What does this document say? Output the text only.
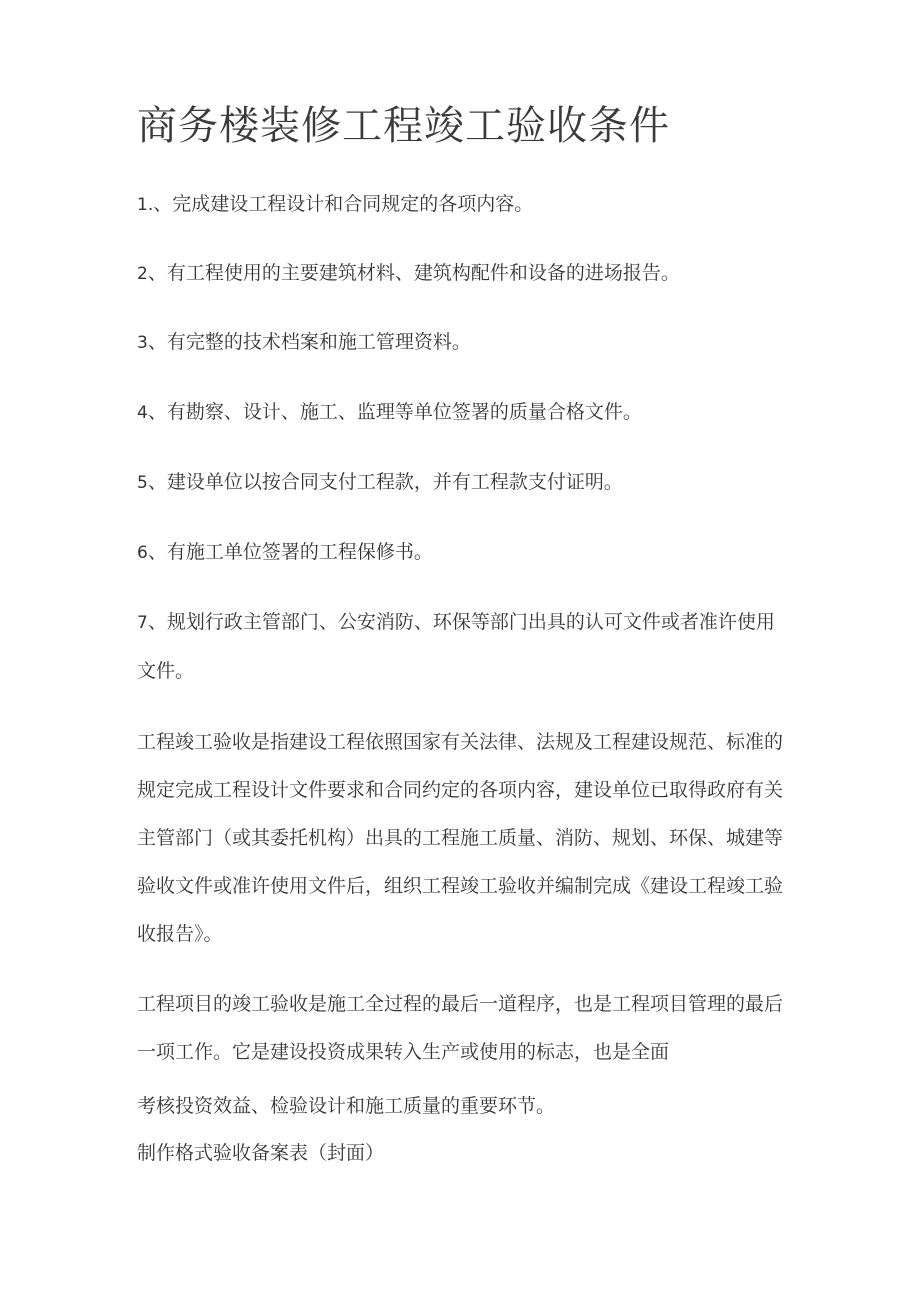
商务楼装修工程竣工验收条件

1.、完成建设工程设计和合同规定的各项内容。

2、有工程使用的主要建筑材料、建筑构配件和设备的进场报告。

3、有完整的技术档案和施工管理资料。

4、有勘察、设计、施工、监理等单位签署的质量合格文件。

5、建设单位以按合同支付工程款，并有工程款支付证明。

6、有施工单位签署的工程保修书。

7、规划行政主管部门、公安消防、环保等部门出具的认可文件或者准许使用文件。

工程竣工验收是指建设工程依照国家有关法律、法规及工程建设规范、标准的规定完成工程设计文件要求和合同约定的各项内容，建设单位已取得政府有关主管部门（或其委托机构）出具的工程施工质量、消防、规划、环保、城建等验收文件或准许使用文件后，组织工程竣工验收并编制完成《建设工程竣工验收报告》。

工程项目的竣工验收是施工全过程的最后一道程序，也是工程项目管理的最后一项工作。它是建设投资成果转入生产或使用的标志，也是全面

考核投资效益、检验设计和施工质量的重要环节。

制作格式验收备案表（封面）
